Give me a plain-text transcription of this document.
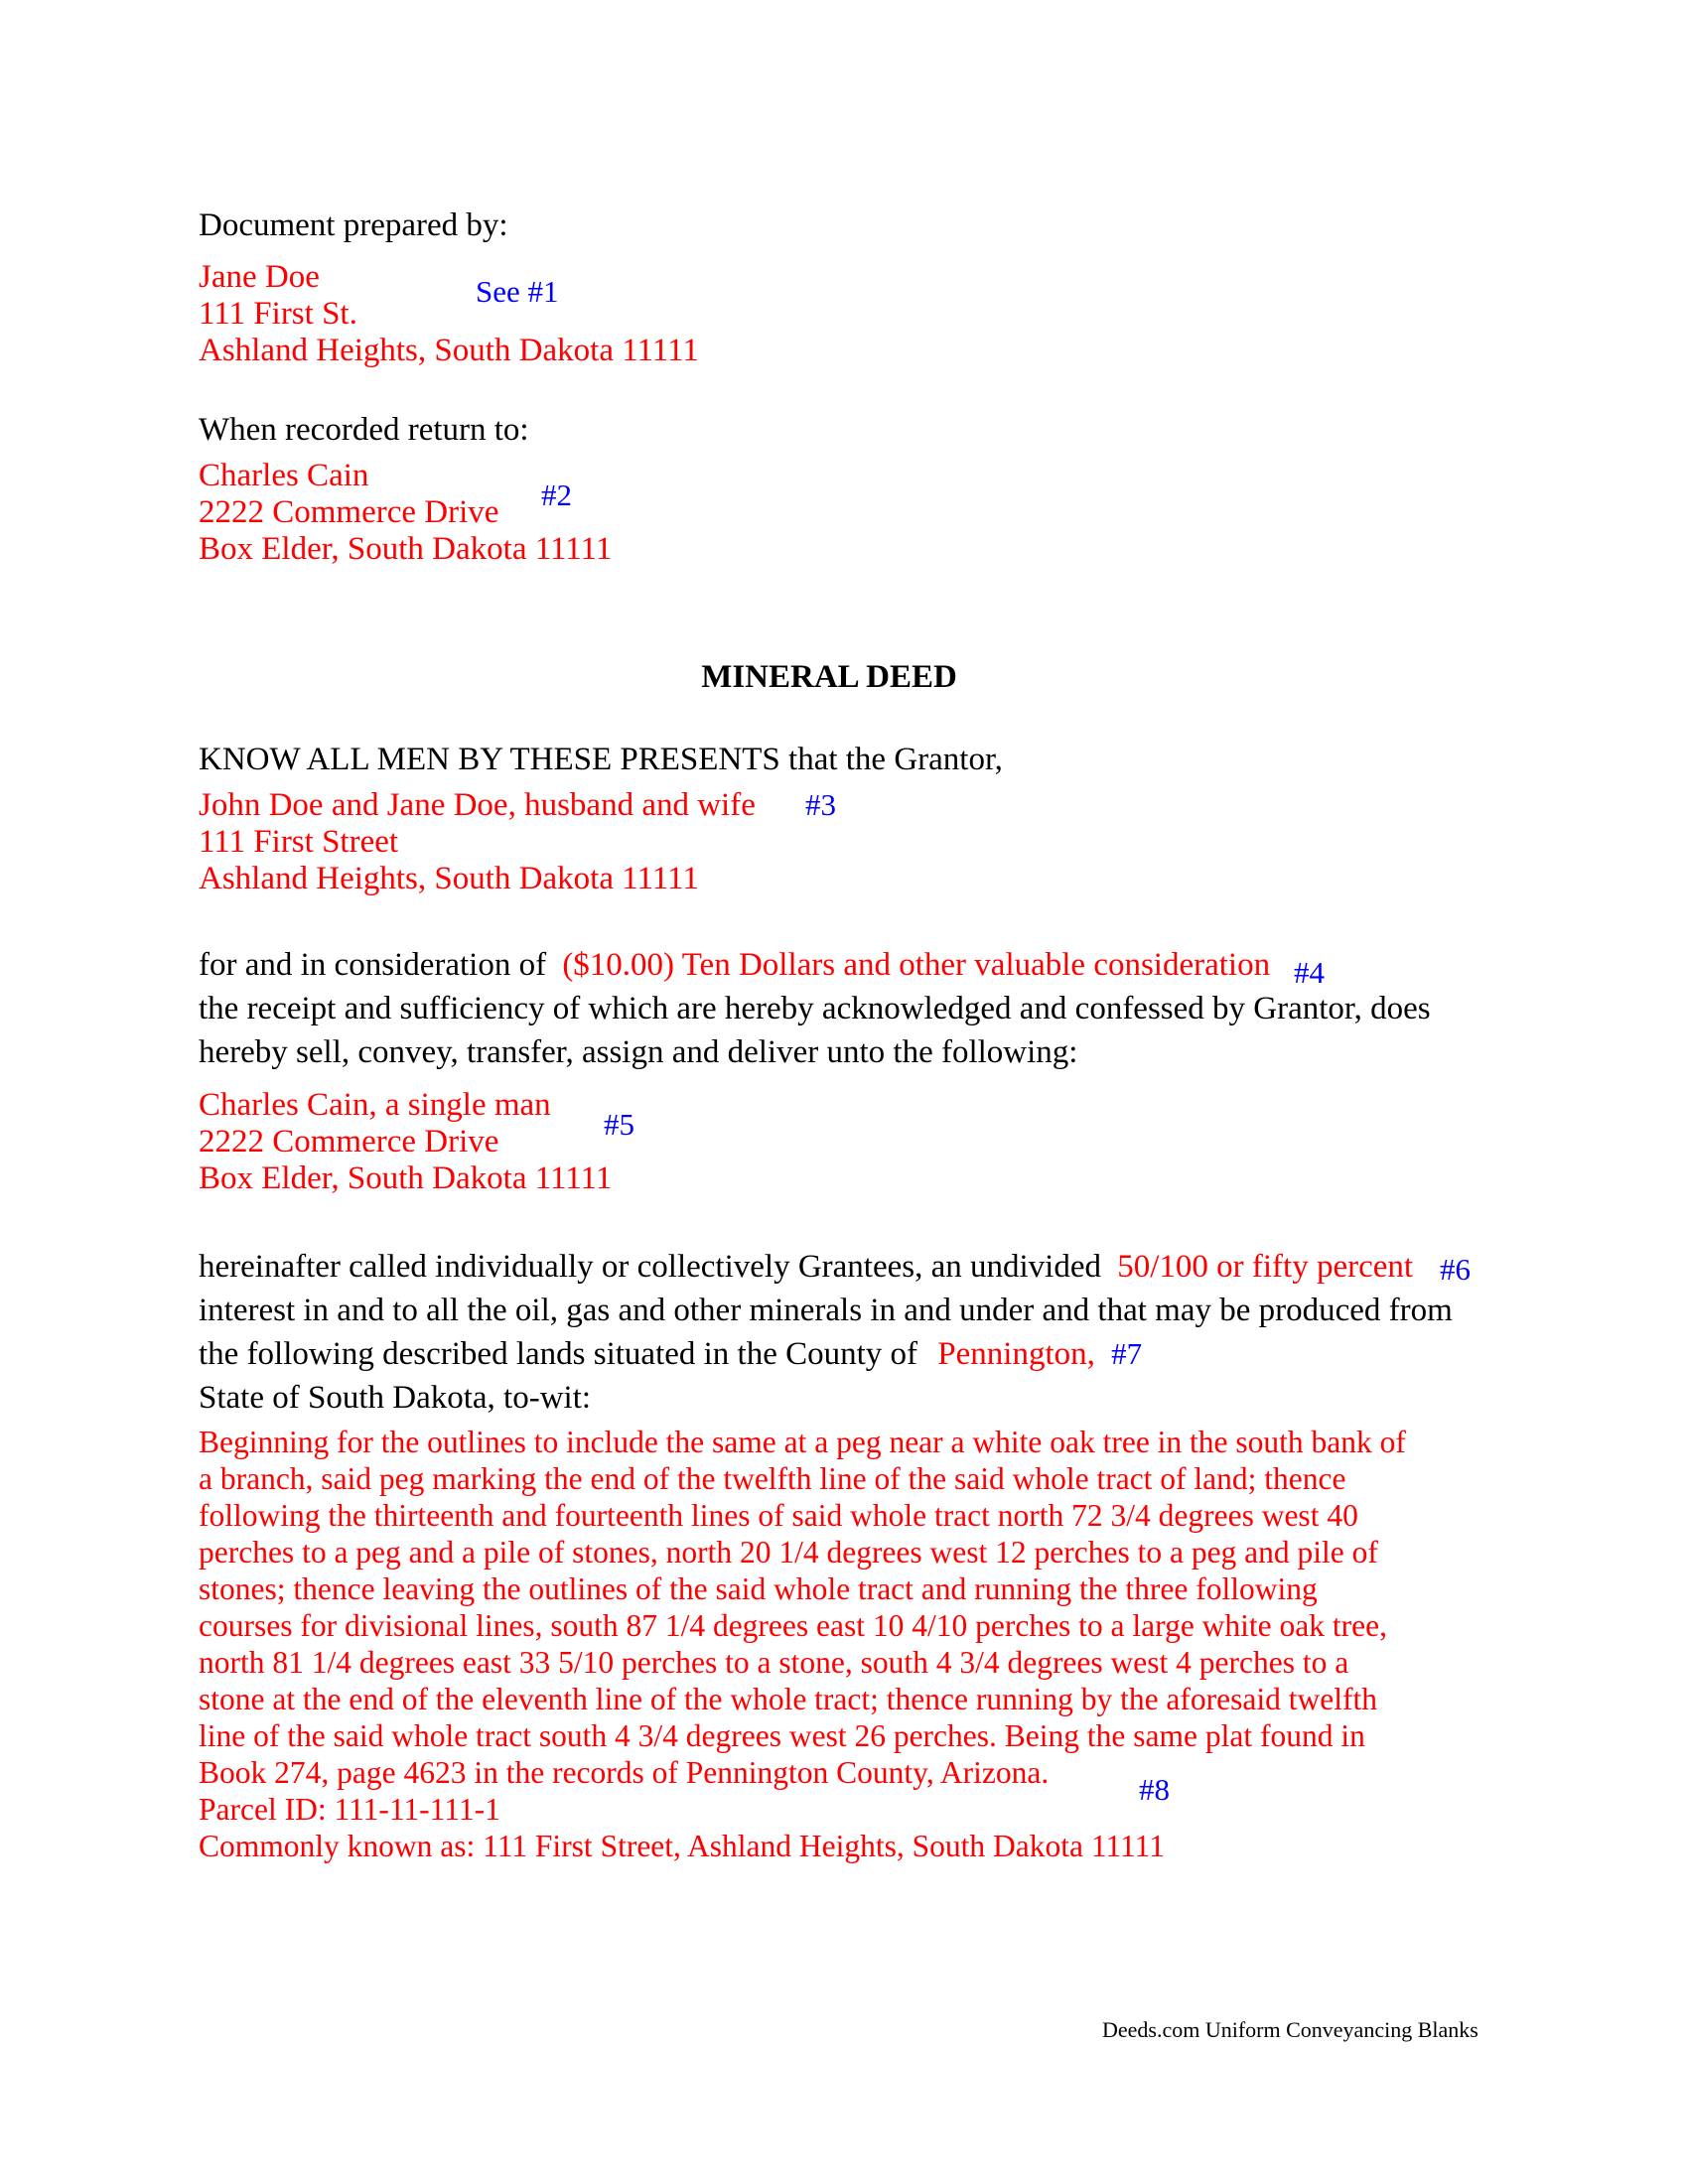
Document prepared by:
Jane Doe
111 First St.
Ashland Heights, South Dakota 11111
See #1
When recorded return to:
Charles Cain
2222 Commerce Drive
Box Elder, South Dakota 11111
#2
MINERAL DEED
KNOW ALL MEN BY THESE PRESENTS that the Grantor,
John Doe and Jane Doe, husband and wife
111 First Street
Ashland Heights, South Dakota 11111
#3
for and in consideration of ($10.00) Ten Dollars and other valuable consideration #4
the receipt and sufficiency of which are hereby acknowledged and confessed by Grantor, does
hereby sell, convey, transfer, assign and deliver unto the following:
Charles Cain, a single man
2222 Commerce Drive
Box Elder, South Dakota 11111
#5
hereinafter called individually or collectively Grantees, an undivided 50/100 or fifty percent #6
interest in and to all the oil, gas and other minerals in and under and that may be produced from
the following described lands situated in the County of Pennington, #7
State of South Dakota, to-wit:
Beginning for the outlines to include the same at a peg near a white oak tree in the south bank of
a branch, said peg marking the end of the twelfth line of the said whole tract of land; thence
following the thirteenth and fourteenth lines of said whole tract north 72 3/4 degrees west 40
perches to a peg and a pile of stones, north 20 1/4 degrees west 12 perches to a peg and pile of
stones; thence leaving the outlines of the said whole tract and running the three following
courses for divisional lines, south 87 1/4 degrees east 10 4/10 perches to a large white oak tree,
north 81 1/4 degrees east 33 5/10 perches to a stone, south 4 3/4 degrees west 4 perches to a
stone at the end of the eleventh line of the whole tract; thence running by the aforesaid twelfth
line of the said whole tract south 4 3/4 degrees west 26 perches. Being the same plat found in
Book 274, page 4623 in the records of Pennington County, Arizona.
Parcel ID: 111-11-111-1
Commonly known as: 111 First Street, Ashland Heights, South Dakota 11111
#8
Deeds.com Uniform Conveyancing Blanks
